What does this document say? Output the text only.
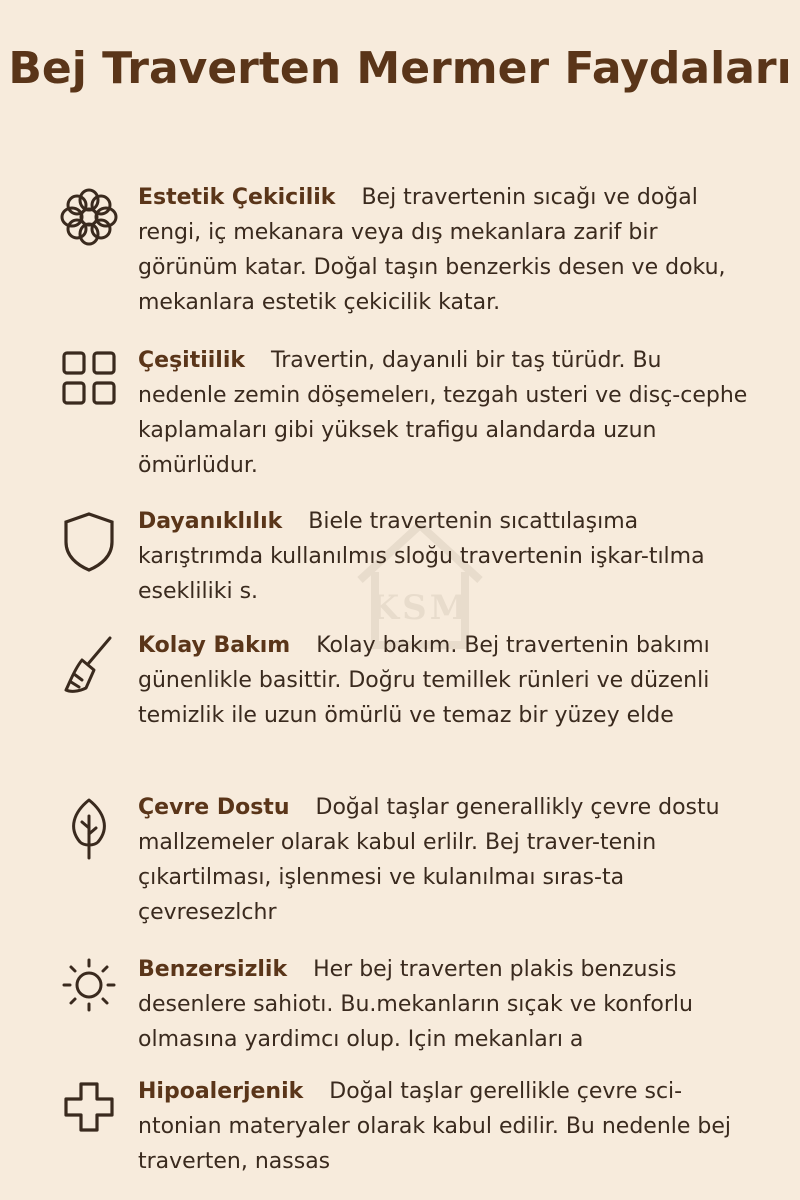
Bej Traverten Mermer Faydaları
KSM

Estetik Çekicilik Bej travertenin sıcağı ve doğal rengi, iç mekanara veya dış mekanlara zarif bir görünüm katar. Doğal taşın benzerkis desen ve doku, mekanlara estetik çekicilik katar.

Çeşitiilik Travertin, dayanıli bir taş türüdr. Bu nedenle zemin döşemelerı, tezgah usteri ve disç-cephe kaplamaları gibi yüksek trafigu alandarda uzun ömürlüdur.

Dayanıklılık Biele travertenin sıcattılaşıma karıştrımda kullanılmıs sloğu travertenin işkar-tılma esekliliki s.

Kolay Bakım Kolay bakım. Bej travertenin bakımı günenlikle basittir. Doğru temillek rünleri ve düzenli temizlik ile uzun ömürlü ve temaz bir yüzey elde

Çevre Dostu Doğal taşlar generallikly çevre dostu mallzemeler olarak kabul erlilr. Bej traver-tenin çıkartilması, işlenmesi ve kulanılmaı sıras-ta çevresezlchr

Benzersizlik Her bej traverten plakis benzusis desenlere sahiotı. Bu.mekanların sıçak ve konforlu olmasına yardimcı olup. Için mekanları a

Hipoalerjenik Doğal taşlar gerellikle çevre sci-ntonian materyaler olarak kabul edilir. Bu nedenle bej traverten, nassas
